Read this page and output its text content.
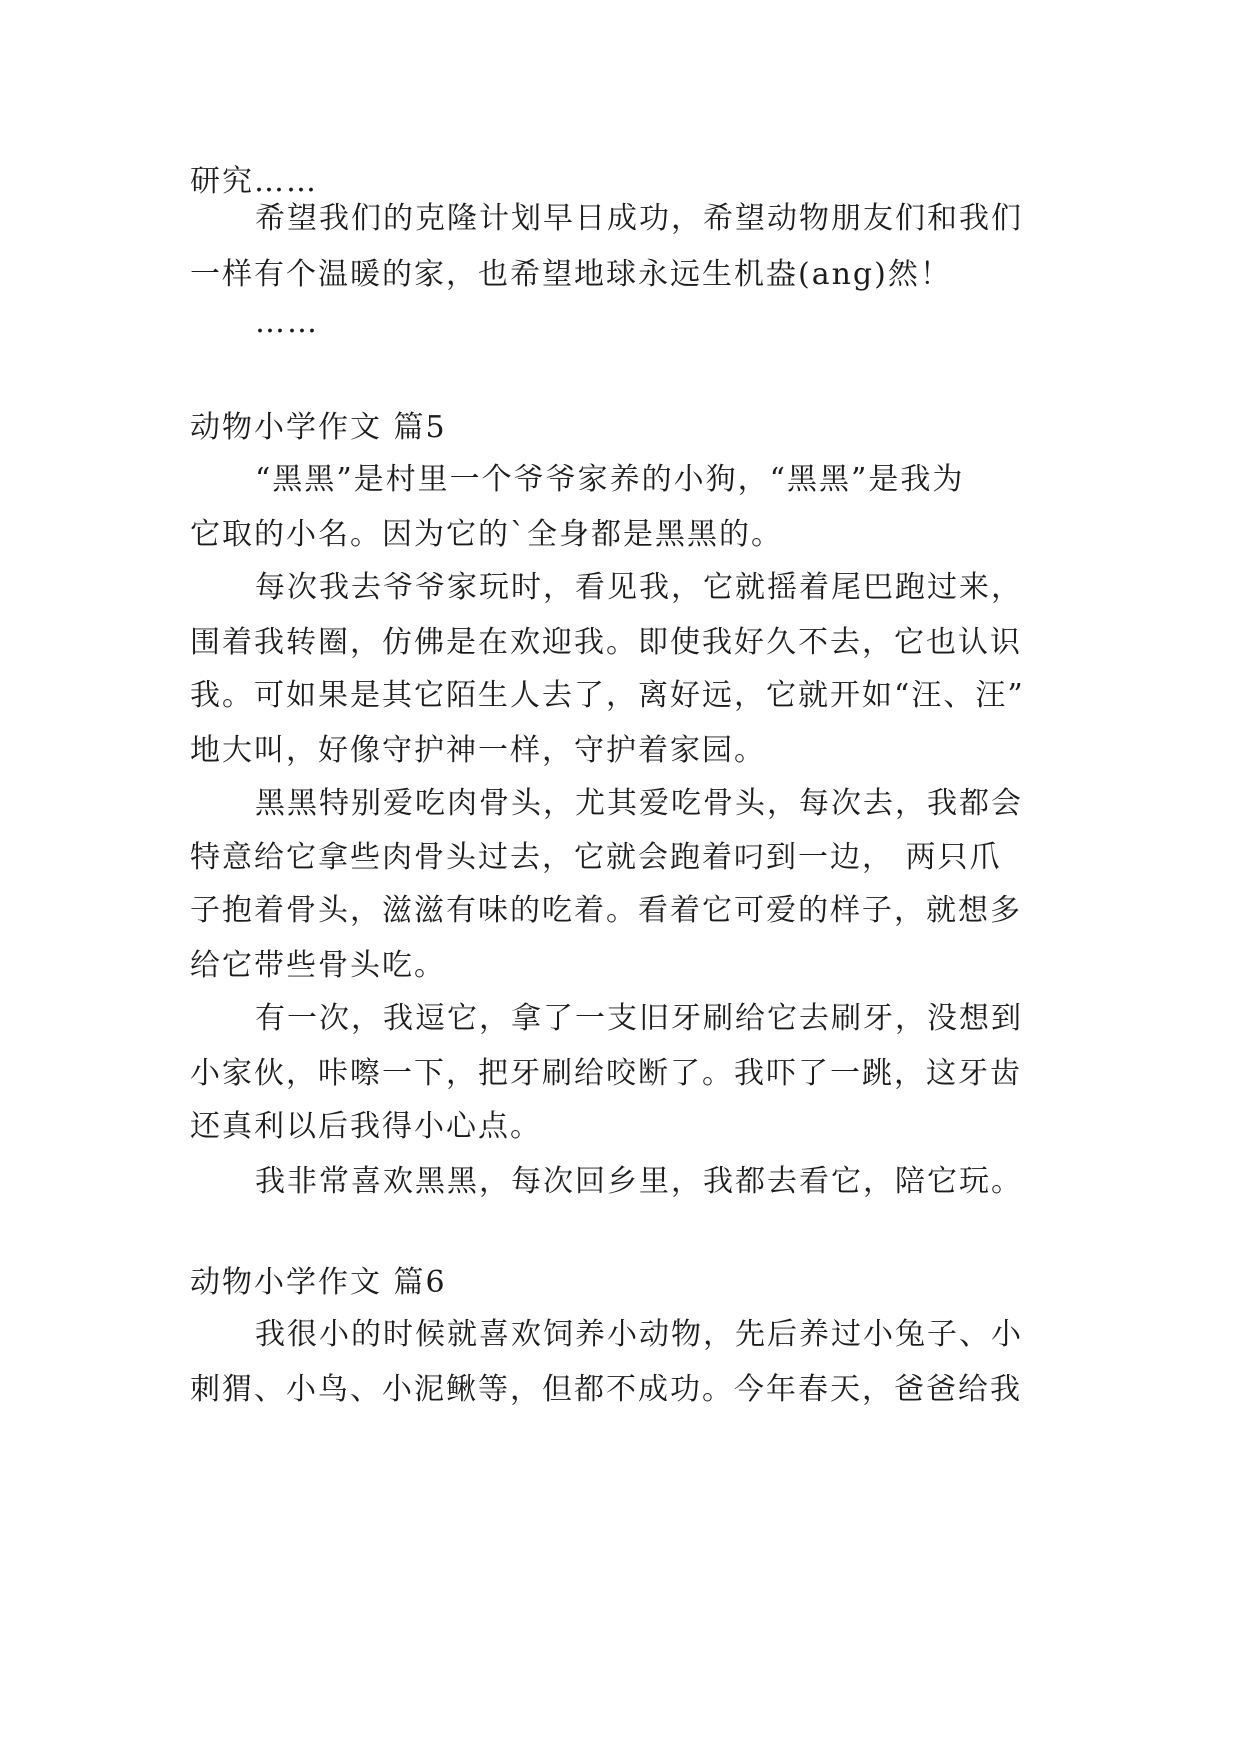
研究……
希望我们的克隆计划早日成功，希望动物朋友们和我们
一样有个温暖的家，也希望地球永远生机盎(ang)然！
……
动物小学作文 篇5
“黑黑”是村里一个爷爷家养的小狗，“黑黑”是我为
它取的小名。因为它的`全身都是黑黑的。
每次我去爷爷家玩时，看见我，它就摇着尾巴跑过来，
围着我转圈，仿佛是在欢迎我。即使我好久不去，它也认识
我。可如果是其它陌生人去了，离好远，它就开如“汪、汪”
地大叫，好像守护神一样，守护着家园。
黑黑特别爱吃肉骨头，尤其爱吃骨头，每次去，我都会
特意给它拿些肉骨头过去，它就会跑着叼到一边， 两只爪
子抱着骨头，滋滋有味的吃着。看着它可爱的样子，就想多
给它带些骨头吃。
有一次，我逗它，拿了一支旧牙刷给它去刷牙，没想到
小家伙，咔嚓一下，把牙刷给咬断了。我吓了一跳，这牙齿
还真利以后我得小心点。
我非常喜欢黑黑，每次回乡里，我都去看它，陪它玩。
动物小学作文 篇6
我很小的时候就喜欢饲养小动物，先后养过小兔子、小
刺猬、小鸟、小泥鳅等，但都不成功。今年春天，爸爸给我
